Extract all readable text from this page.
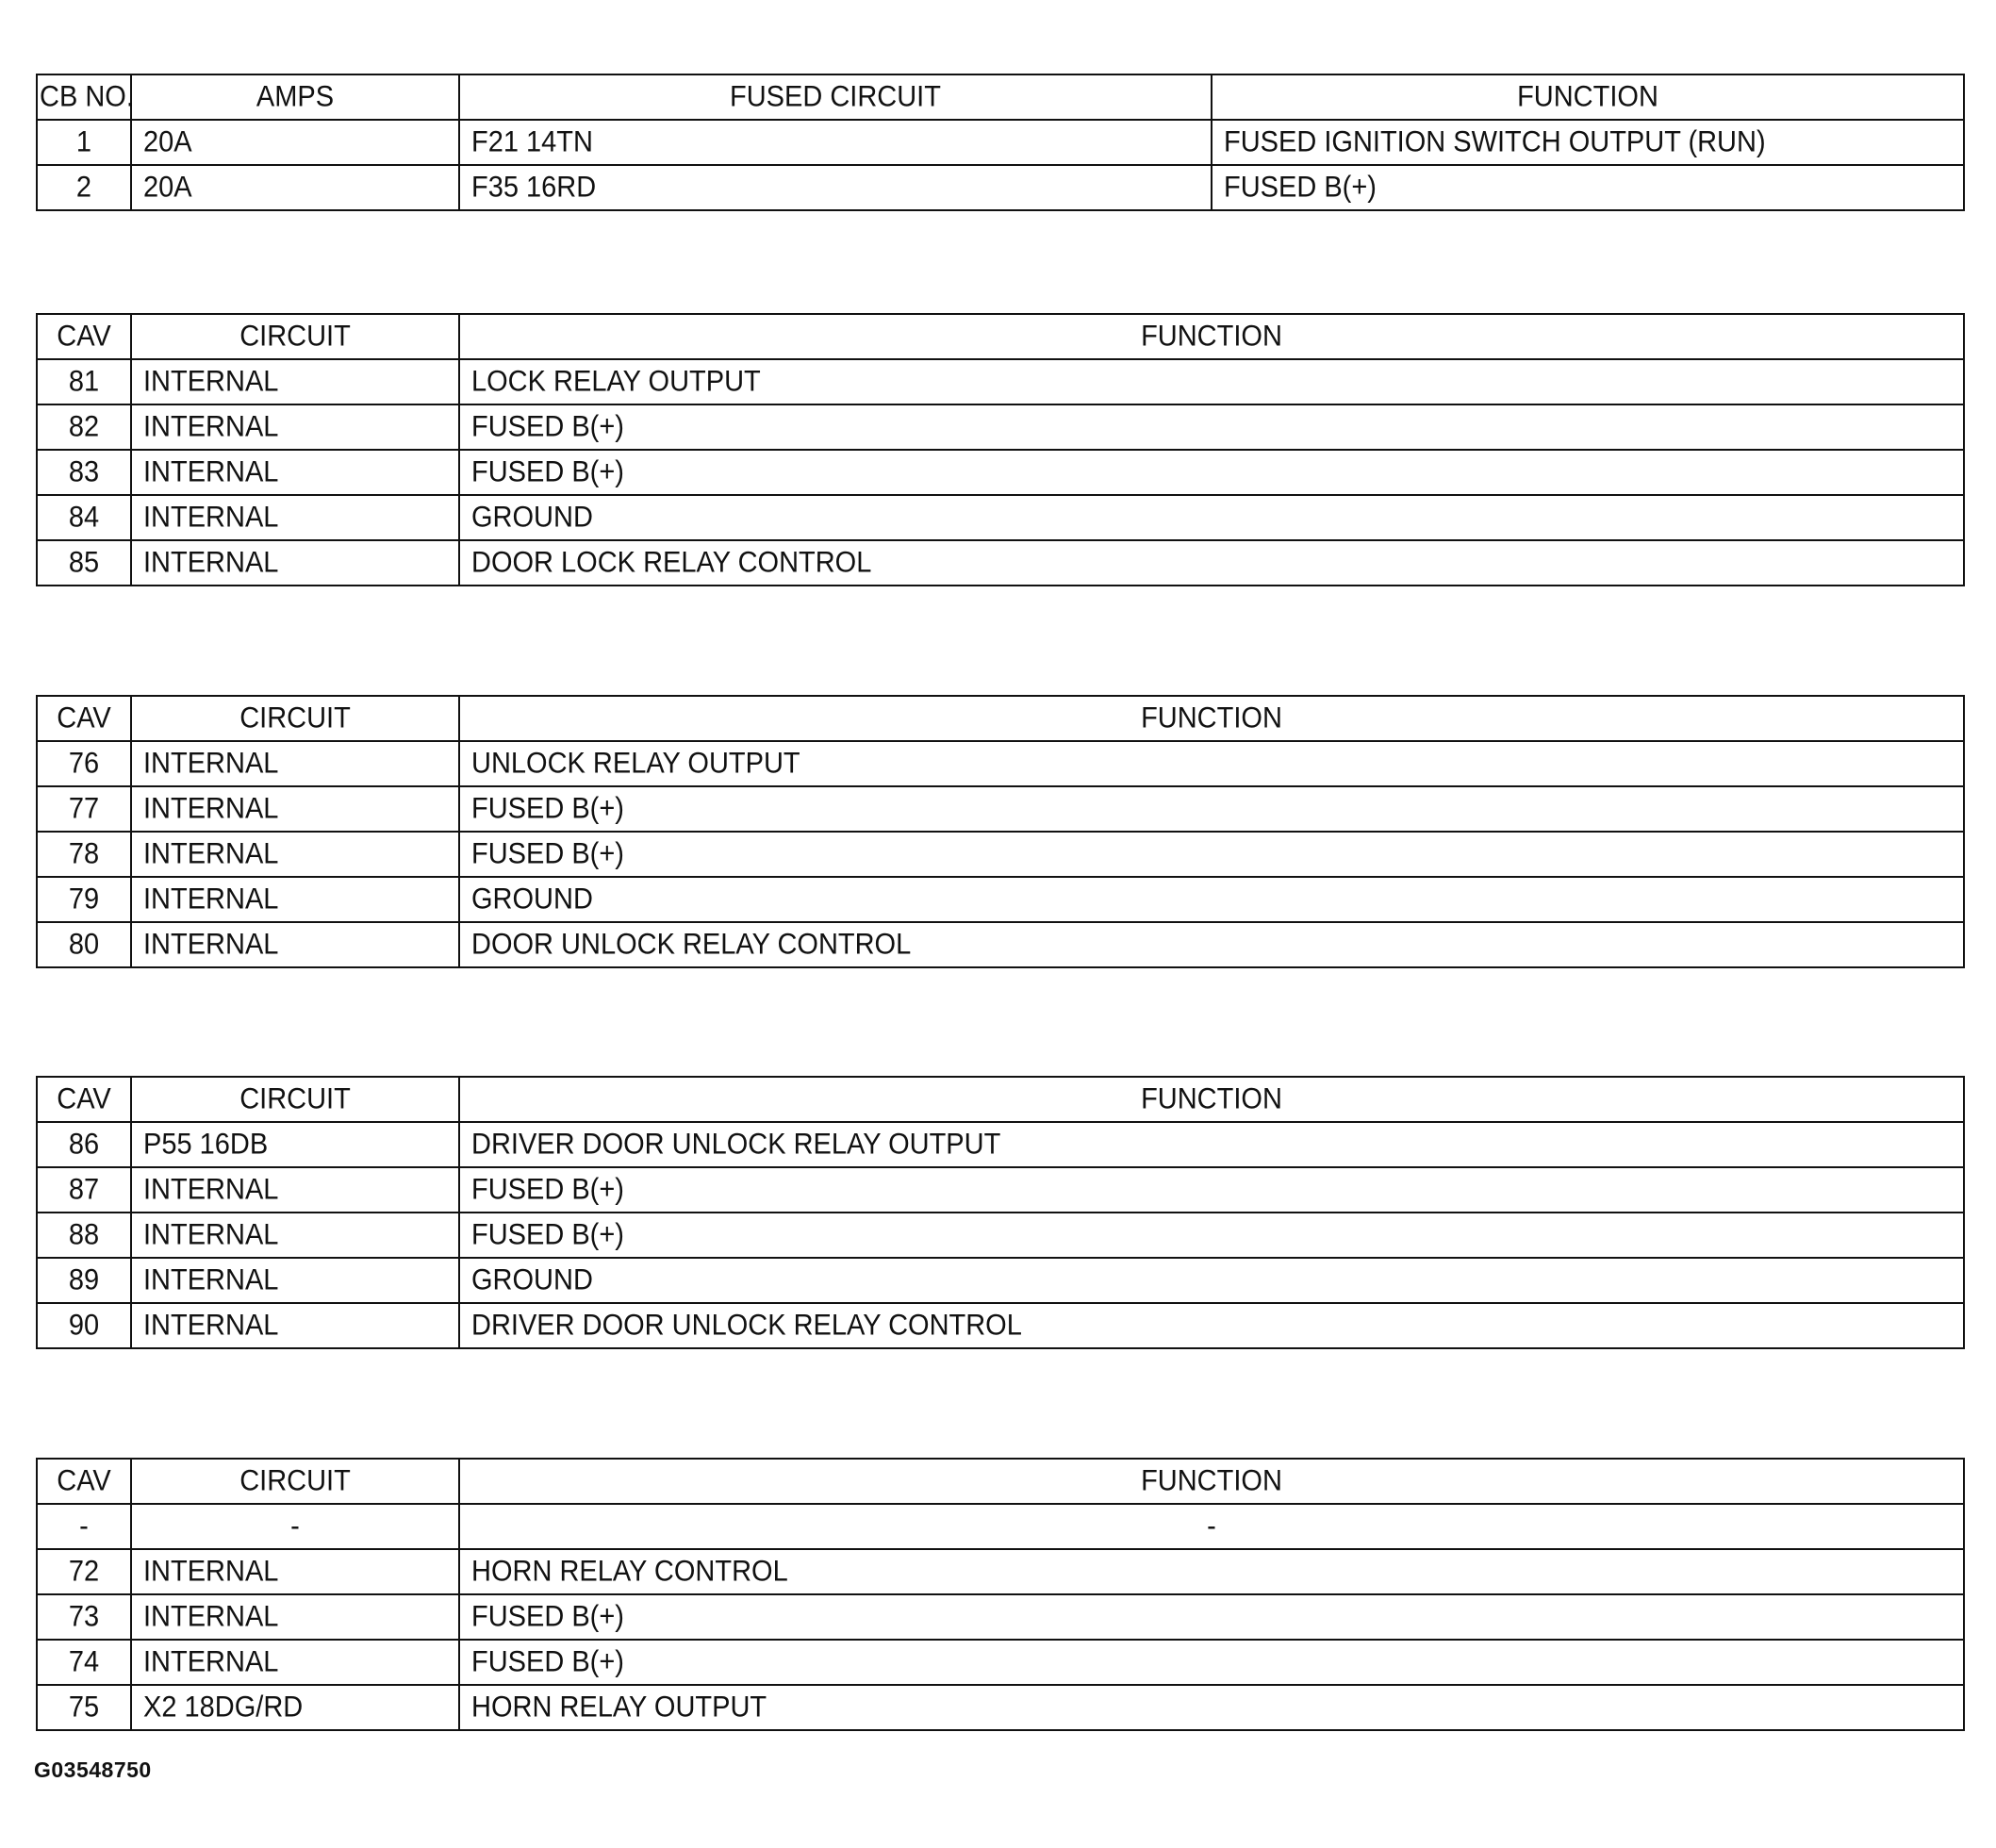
CB NO.	AMPS	FUSED CIRCUIT	FUNCTION
1	20A	F21 14TN	FUSED IGNITION SWITCH OUTPUT (RUN)
2	20A	F35 16RD	FUSED B(+)
CAV	CIRCUIT	FUNCTION
81	INTERNAL	LOCK RELAY OUTPUT
82	INTERNAL	FUSED B(+)
83	INTERNAL	FUSED B(+)
84	INTERNAL	GROUND
85	INTERNAL	DOOR LOCK RELAY CONTROL
CAV	CIRCUIT	FUNCTION
76	INTERNAL	UNLOCK RELAY OUTPUT
77	INTERNAL	FUSED B(+)
78	INTERNAL	FUSED B(+)
79	INTERNAL	GROUND
80	INTERNAL	DOOR UNLOCK RELAY CONTROL
CAV	CIRCUIT	FUNCTION
86	P55 16DB	DRIVER DOOR UNLOCK RELAY OUTPUT
87	INTERNAL	FUSED B(+)
88	INTERNAL	FUSED B(+)
89	INTERNAL	GROUND
90	INTERNAL	DRIVER DOOR UNLOCK RELAY CONTROL
CAV	CIRCUIT	FUNCTION
-	-	-
72	INTERNAL	HORN RELAY CONTROL
73	INTERNAL	FUSED B(+)
74	INTERNAL	FUSED B(+)
75	X2 18DG/RD	HORN RELAY OUTPUT
G03548750
